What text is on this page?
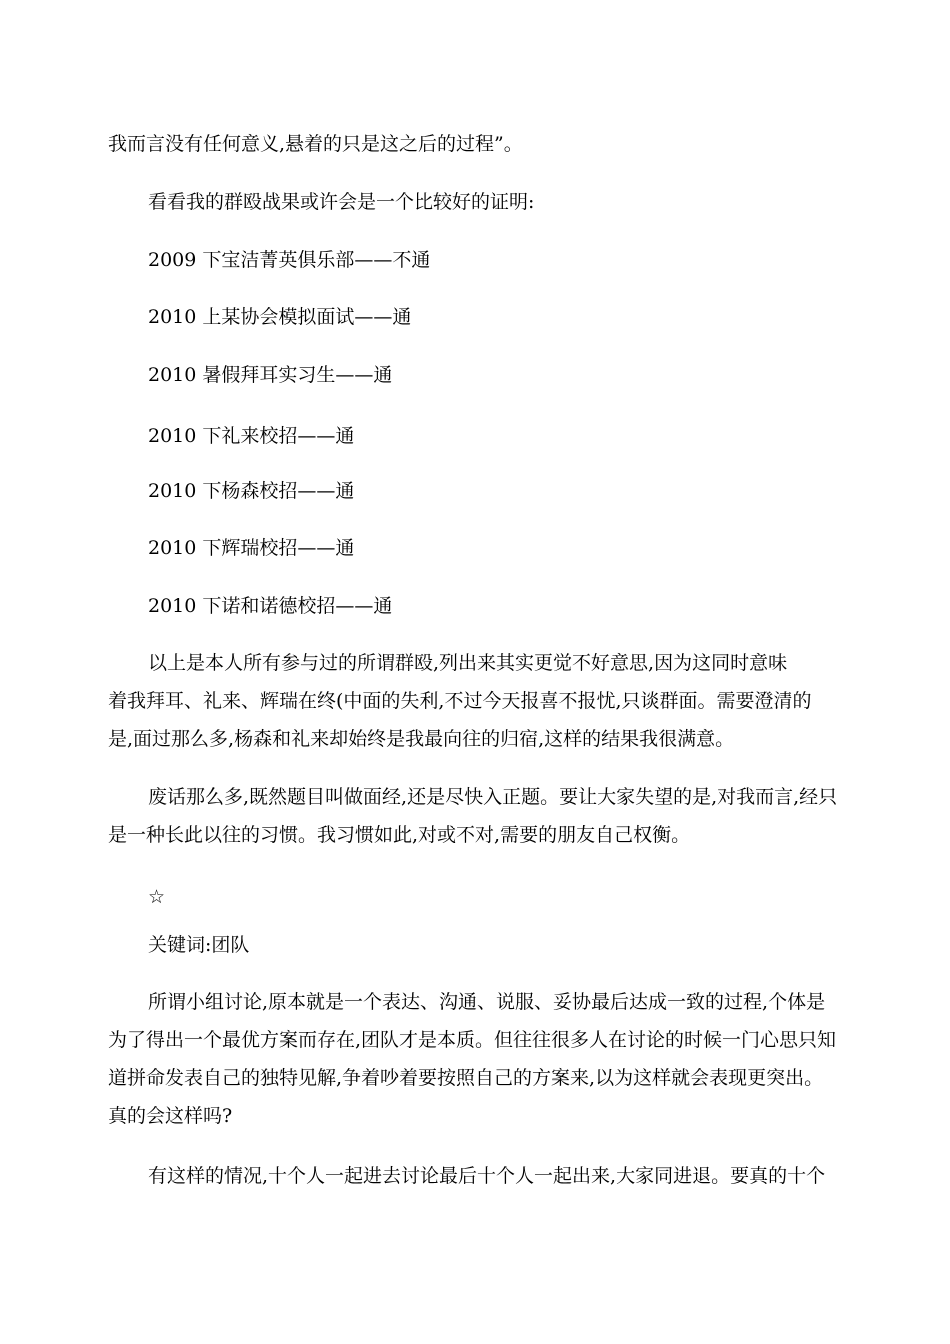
我而言没有任何意义,悬着的只是这之后的过程”。
看看我的群殴战果或许会是一个比较好的证明:
2009 下宝洁菁英俱乐部——不通
2010 上某协会模拟面试——通
2010 暑假拜耳实习生——通
2010 下礼来校招——通
2010 下杨森校招——通
2010 下辉瑞校招——通
2010 下诺和诺德校招——通
以上是本人所有参与过的所谓群殴,列出来其实更觉不好意思,因为这同时意味
着我拜耳、礼来、辉瑞在终(中面的失利,不过今天报喜不报忧,只谈群面。需要澄清的
是,面过那么多,杨森和礼来却始终是我最向往的归宿,这样的结果我很满意。
废话那么多,既然题目叫做面经,还是尽快入正题。要让大家失望的是,对我而言,经只
是一种长此以往的习惯。我习惯如此,对或不对,需要的朋友自己权衡。
☆
关键词:团队
所谓小组讨论,原本就是一个表达、沟通、说服、妥协最后达成一致的过程,个体是
为了得出一个最优方案而存在,团队才是本质。但往往很多人在讨论的时候一门心思只知
道拼命发表自己的独特见解,争着吵着要按照自己的方案来,以为这样就会表现更突出。
真的会这样吗?
有这样的情况,十个人一起进去讨论最后十个人一起出来,大家同进退。要真的十个
